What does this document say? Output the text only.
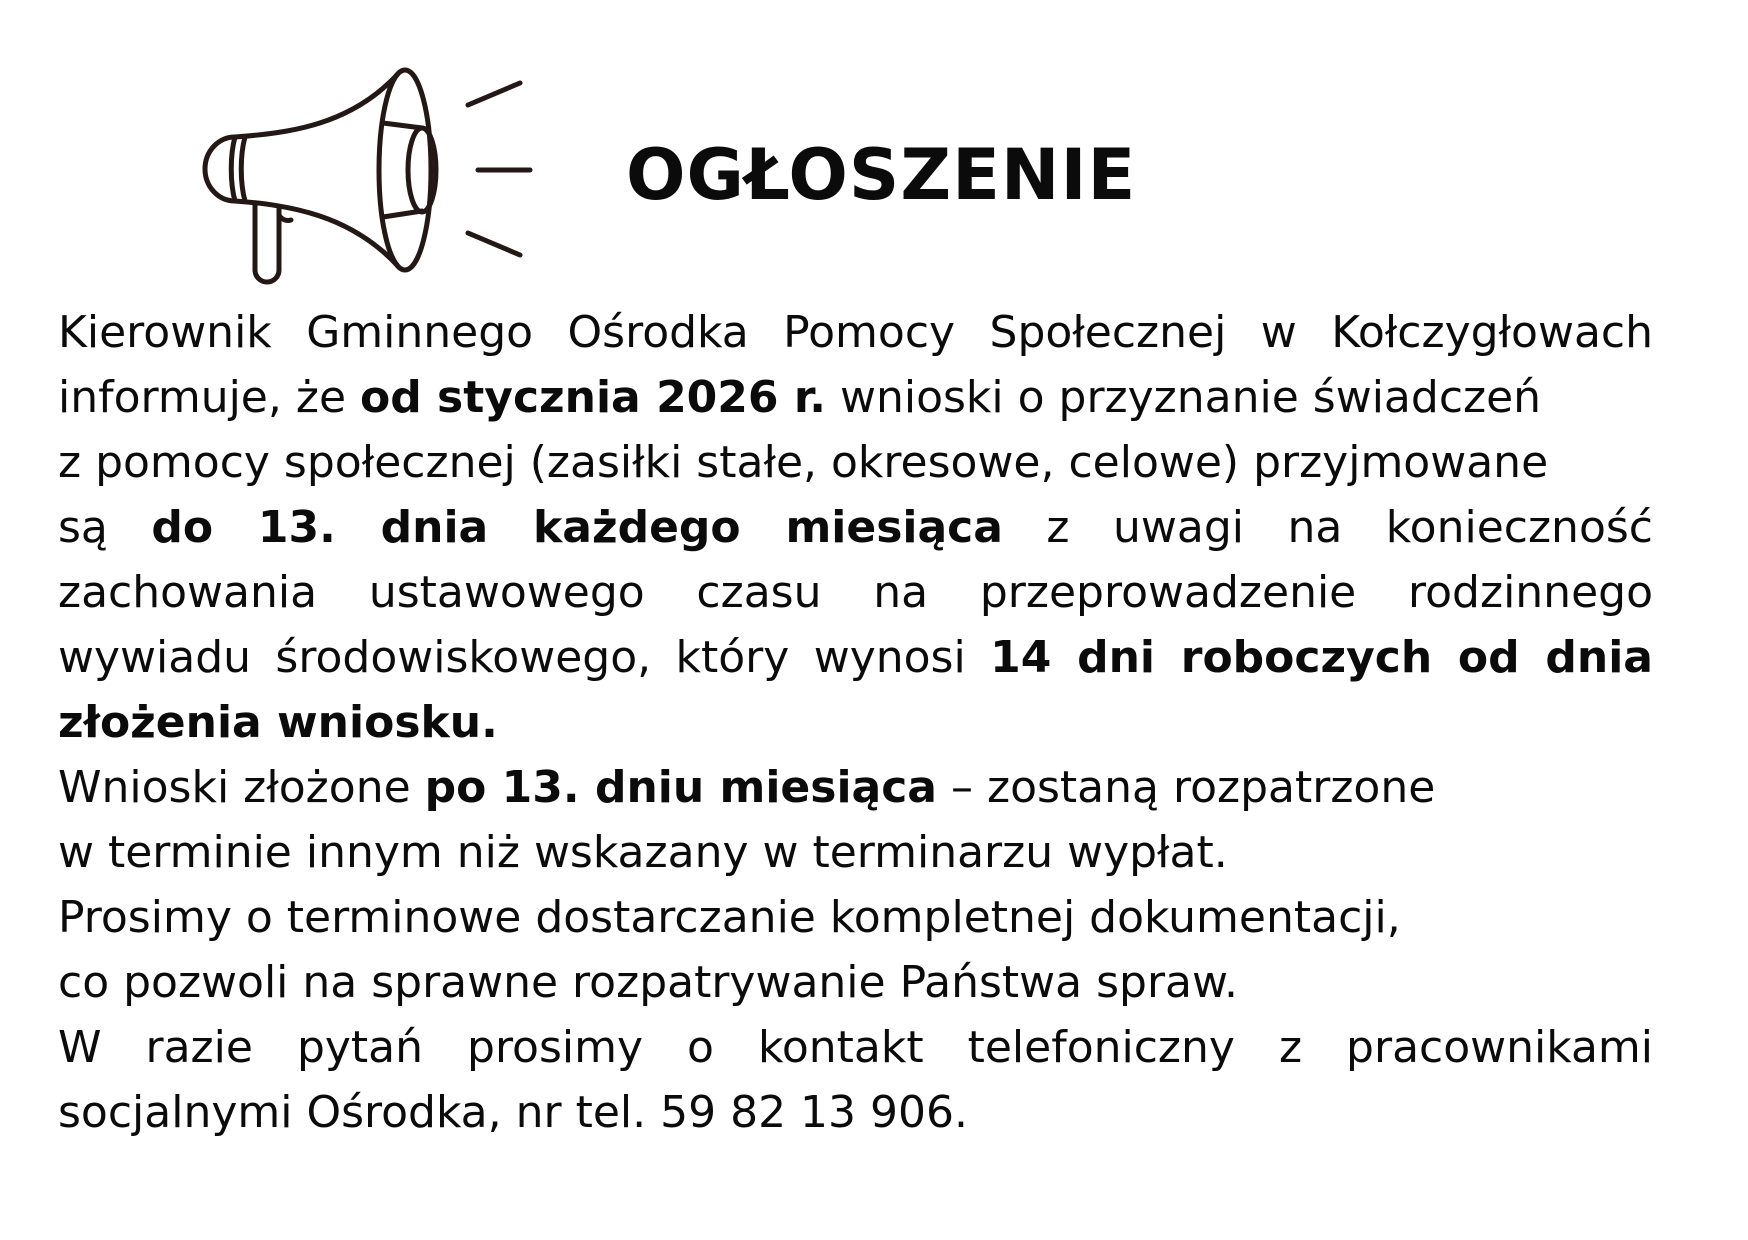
OGŁOSZENIE
Kierownik Gminnego Ośrodka Pomocy Społecznej w Kołczygłowach
informuje, że od stycznia 2026 r. wnioski o przyznanie świadczeń
z pomocy społecznej (zasiłki stałe, okresowe, celowe) przyjmowane
są do 13. dnia każdego miesiąca z uwagi na konieczność
zachowania ustawowego czasu na przeprowadzenie rodzinnego
wywiadu środowiskowego, który wynosi 14 dni roboczych od dnia
złożenia wniosku.
Wnioski złożone po 13. dniu miesiąca – zostaną rozpatrzone
w terminie innym niż wskazany w terminarzu wypłat.
Prosimy o terminowe dostarczanie kompletnej dokumentacji,
co pozwoli na sprawne rozpatrywanie Państwa spraw.
W razie pytań prosimy o kontakt telefoniczny z pracownikami
socjalnymi Ośrodka, nr tel. 59 82 13 906.
